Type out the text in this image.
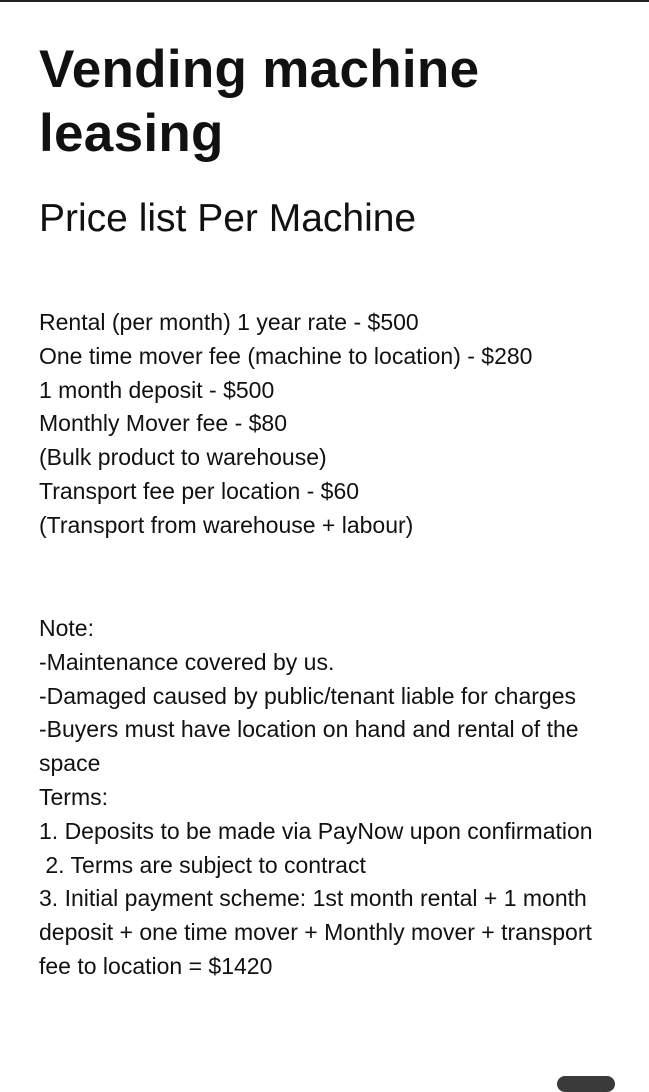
Vending machine leasing
Price list Per Machine
Rental (per month) 1 year rate - $500
One time mover fee (machine to location) - $280
1 month deposit - $500
Monthly Mover fee - $80
(Bulk product to warehouse)
Transport fee per location - $60
(Transport from warehouse + labour)
Note:
-Maintenance covered by us.
-Damaged caused by public/tenant liable for charges
-Buyers must have location on hand and rental of the space
Terms:
1. Deposits to be made via PayNow upon confirmation
2. Terms are subject to contract
3. Initial payment scheme: 1st month rental + 1 month deposit + one time mover + Monthly mover + transport fee to location = $1420
